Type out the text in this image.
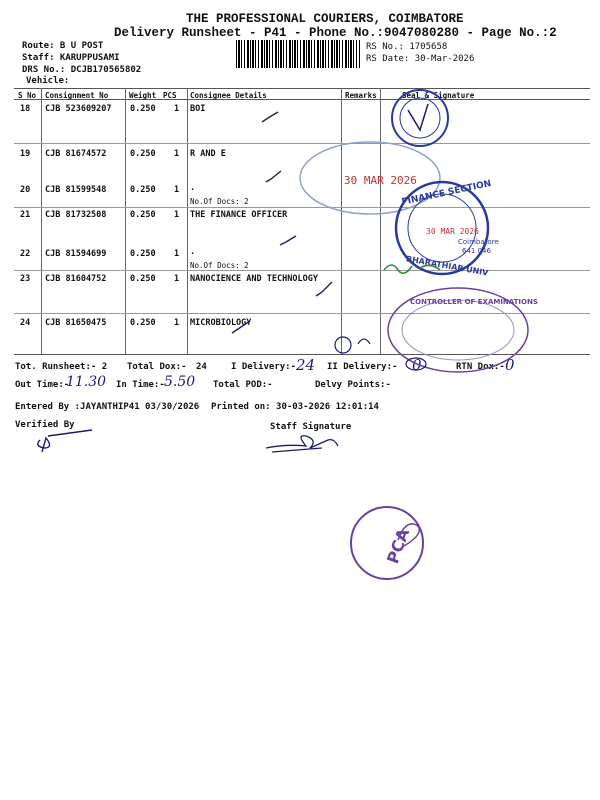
THE PROFESSIONAL COURIERS, COIMBATORE
Delivery Runsheet - P41 - Phone No.:9047080280 - Page No.:2
Route: B U POST
Staff: KARUPPUSAMI
DRS No.: DCJB170565802
Vehicle:
RS No.: 1705658
RS Date: 30-Mar-2026
S No Consignment No	Weight PCS Consignee Details	Remarks	Seal & Signature
18 CJB 523609207 0.250 1 BOI
19 CJB 81674572	0.250 1 R AND E
20 CJB 81599548	0.250 1 .
No.Of Docs: 2
21 CJB 81732508	0.250 1 THE FINANCE OFFICER
22 CJB 81594699	0.250 1 .
No.Of Docs: 2
23 CJB 81604752	0.250 1 NANOCIENCE AND TECHNOLOGY
24 CJB 81650475	0.250 1 MICROBIOLOGY
Tot. Runsheet:- 2 Total Dox:- 24	I Delivery:- 24 II Delivery:- 0	RTN Dox:- 0
Out Time:-
11.30 In Time:- 5.50 Total POD:-	Delvy Points:-
Entered By :JAYANTHIP41 03/30/2026 Printed on: 30-03-2026 12:01:14
Verified By	Staff Signature
30 MAR 2026
FINANCE SECTION
BHARATHIAR UNIV
Coimbatore
641 046
30 MAR 2026
CONTROLLER OF EXAMINATIONS
PCA
